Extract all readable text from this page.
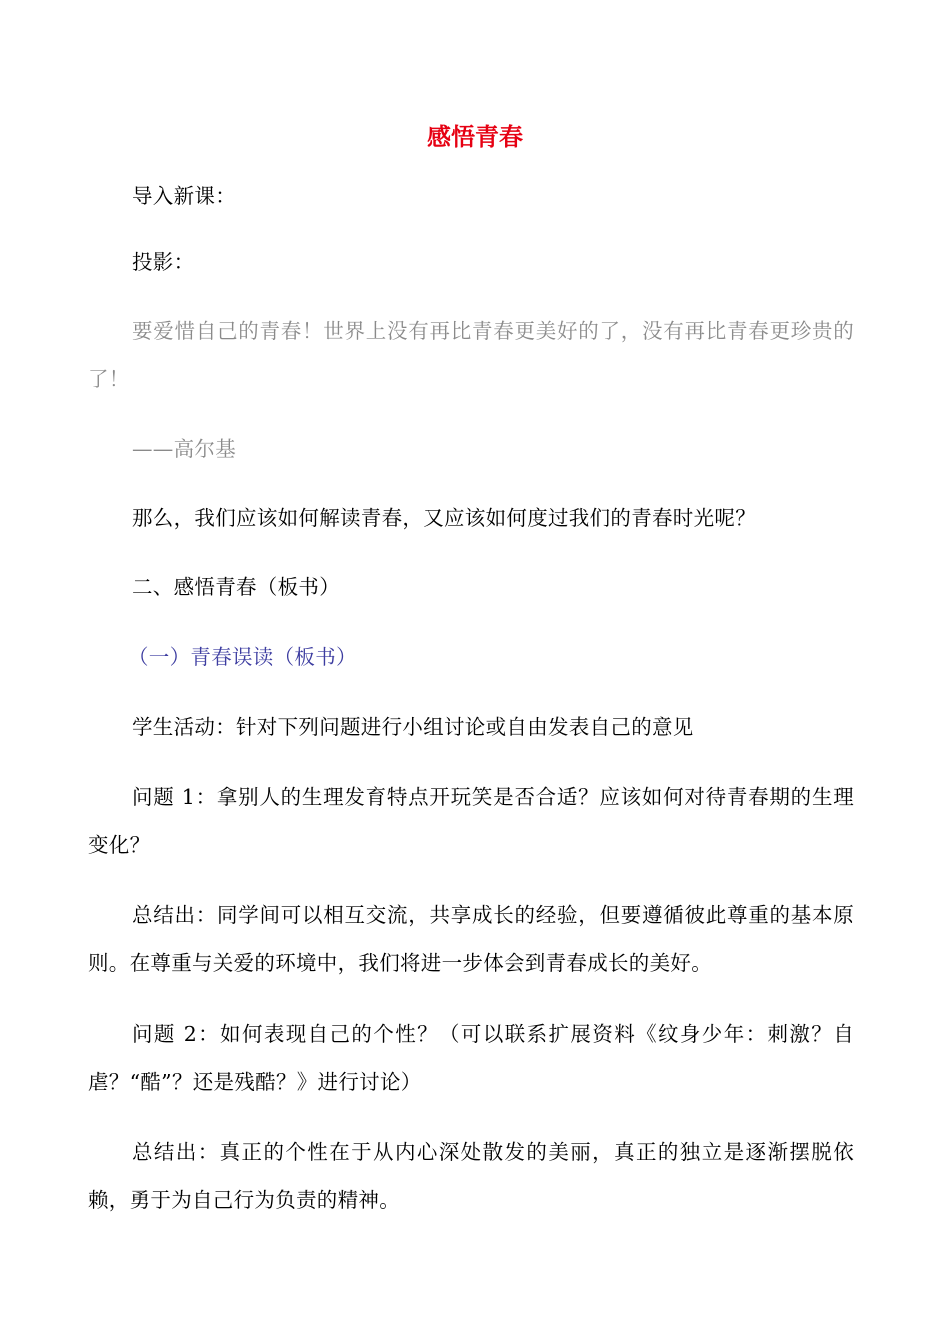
感悟青春
导入新课：
投影：
要爱惜自己的青春！世界上没有再比青春更美好的了，没有再比青春更珍贵的了！
——高尔基
那么，我们应该如何解读青春，又应该如何度过我们的青春时光呢？
二、感悟青春（板书）
（一）青春误读（板书）
学生活动：针对下列问题进行小组讨论或自由发表自己的意见
问题 1：拿别人的生理发育特点开玩笑是否合适？应该如何对待青春期的生理变化？
总结出：同学间可以相互交流，共享成长的经验，但要遵循彼此尊重的基本原则。在尊重与关爱的环境中，我们将进一步体会到青春成长的美好。
问题 2：如何表现自己的个性？（可以联系扩展资料《纹身少年：刺激？自虐？“酷”？还是残酷？》进行讨论）
总结出：真正的个性在于从内心深处散发的美丽，真正的独立是逐渐摆脱依赖，勇于为自己行为负责的精神。
